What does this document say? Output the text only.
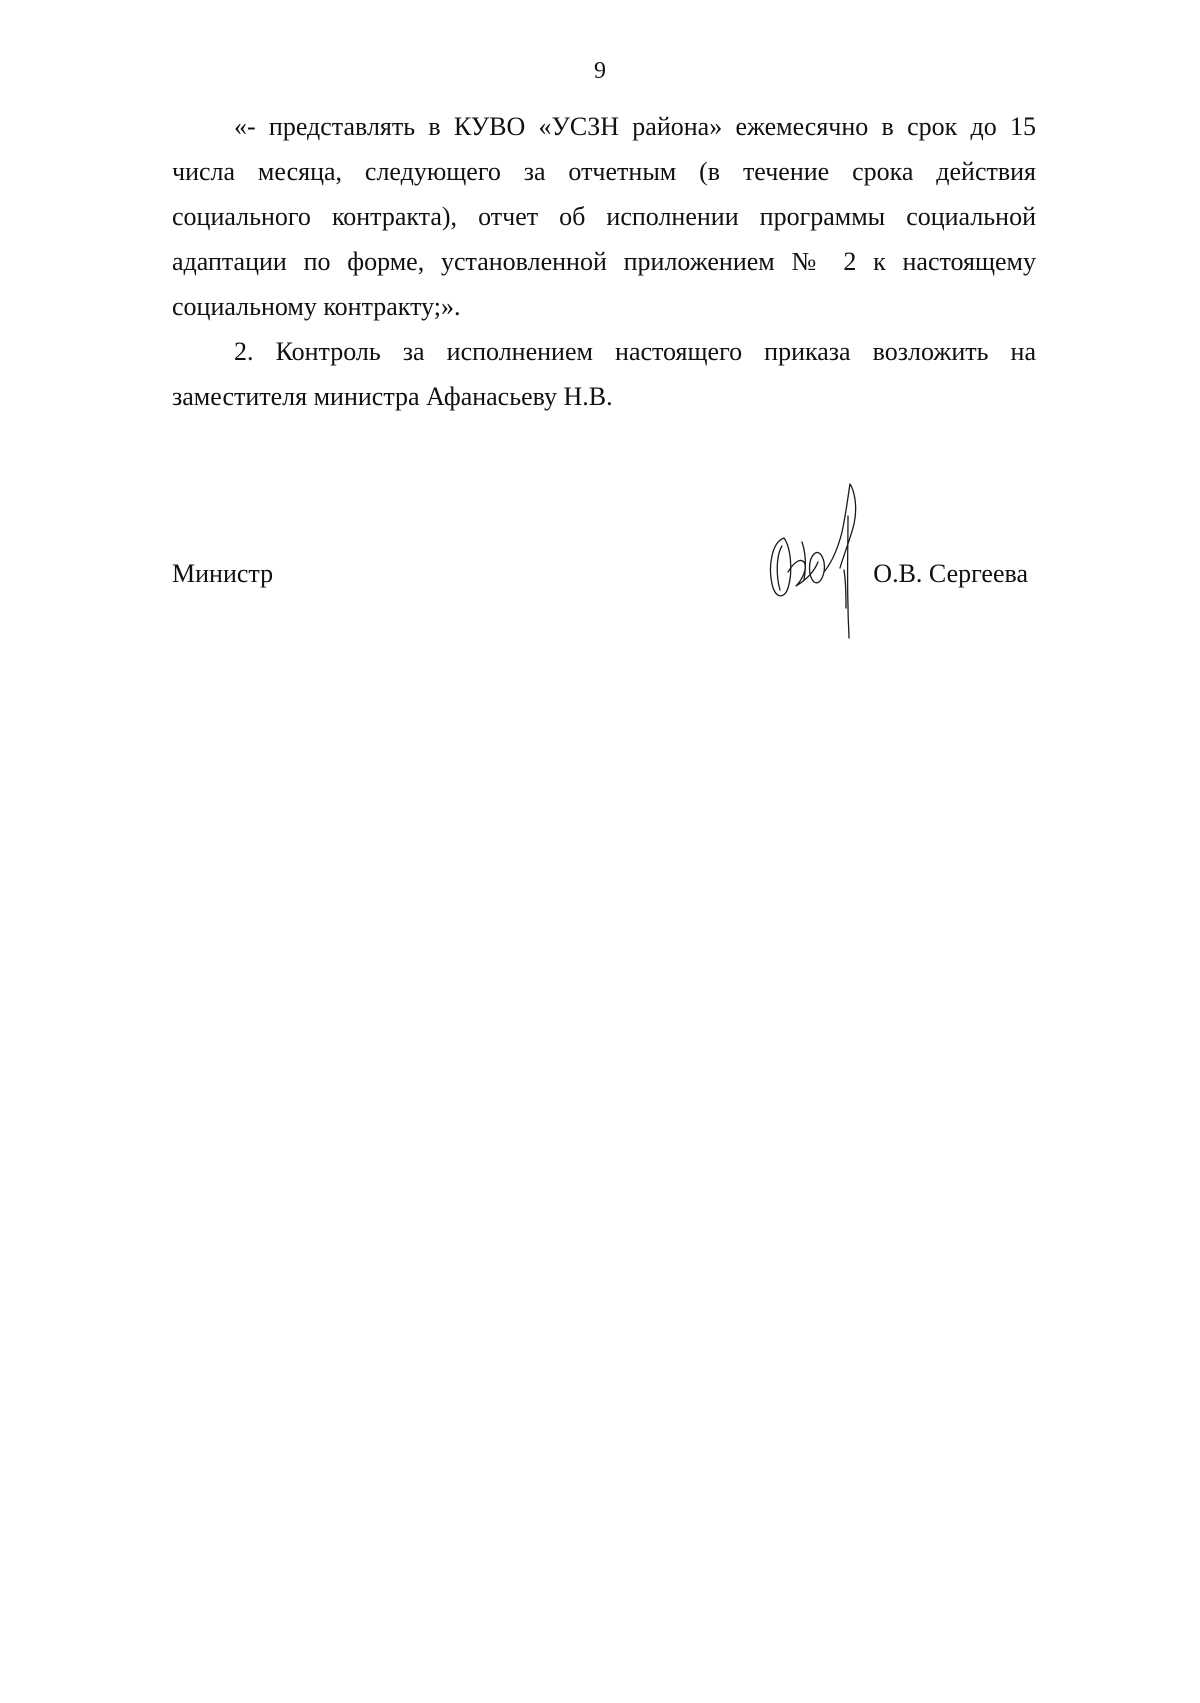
9

«- представлять в КУВО «УСЗН района» ежемесячно в срок до 15 числа месяца, следующего за отчетным (в течение срока действия социального контракта), отчет об исполнении программы социальной адаптации по форме, установленной приложением № 2 к настоящему социальному контракту;».

2. Контроль за исполнением настоящего приказа возложить на заместителя министра Афанасьеву Н.В.

Министр	О.В. Сергеева
